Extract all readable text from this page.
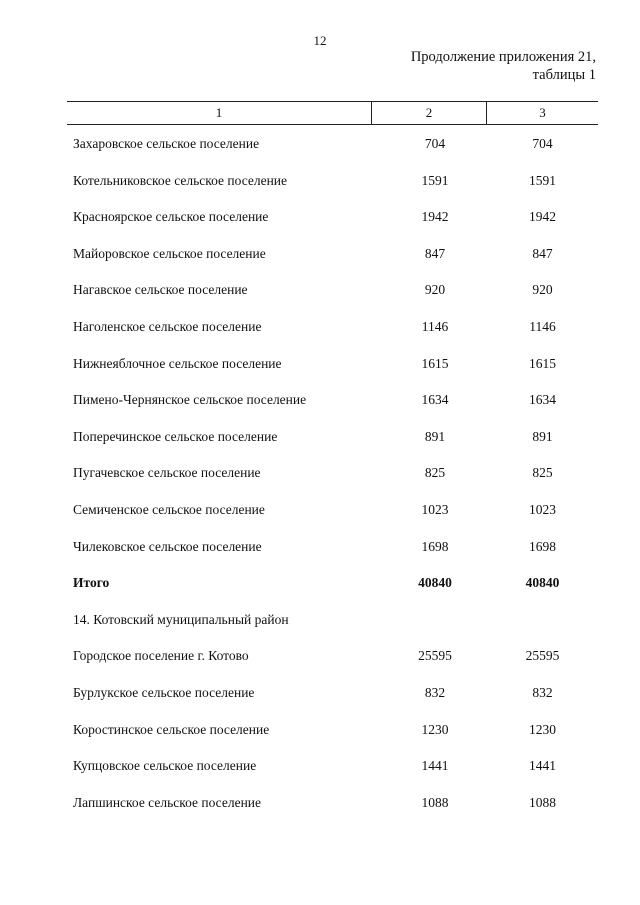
12
Продолжение приложения 21,
таблицы 1
1	2	3
Захаровское сельское поселение	704	704
Котельниковское сельское поселение	1591	1591
Красноярское сельское поселение	1942	1942
Майоровское сельское поселение	847	847
Нагавское сельское поселение	920	920
Наголенское сельское поселение	1146	1146
Нижнеяблочное сельское поселение	1615	1615
Пимено-Чернянское сельское поселение	1634	1634
Поперечинское сельское поселение	891	891
Пугачевское сельское поселение	825	825
Семиченское сельское поселение	1023	1023
Чилековское сельское поселение	1698	1698
Итого	40840	40840
14. Котовский муниципальный район
Городское поселение г. Котово	25595	25595
Бурлукское сельское поселение	832	832
Коростинское сельское поселение	1230	1230
Купцовское сельское поселение	1441	1441
Лапшинское сельское поселение	1088	1088
